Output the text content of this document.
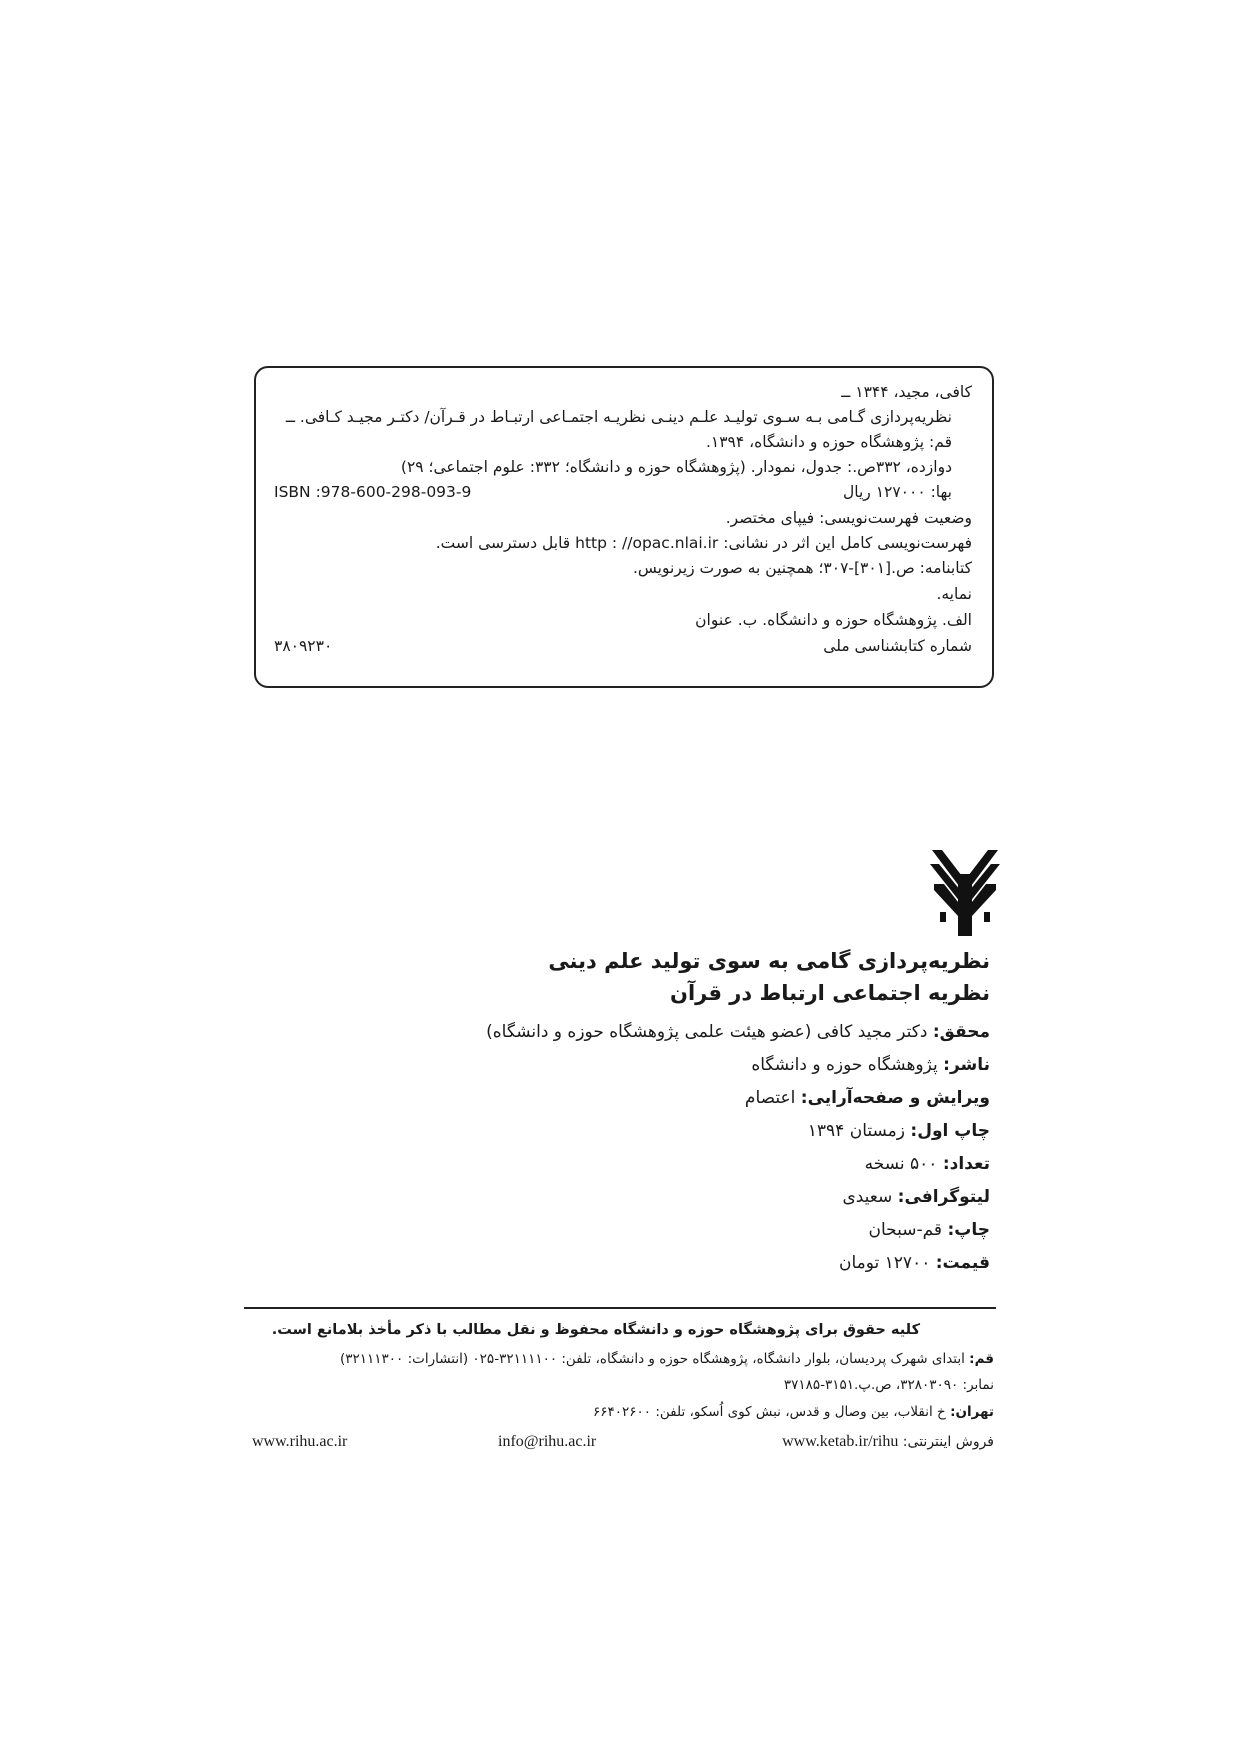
کافی، مجید، ۱۳۴۴ ــ
نظریه‌پردازی گـامی بـه سـوی تولیـد علـم دینـی نظریـه اجتمـاعی ارتبـاط در قـرآن/ دکتـر مجیـد کـافی. ــ
قم: پژوهشگاه حوزه و دانشگاه، ۱۳۹۴.
دوازده، ۳۳۲ص.: جدول، نمودار. (پژوهشگاه حوزه و دانشگاه؛ ۳۳۲: علوم اجتماعی؛ ۲۹)
بها: ۱۲۷۰۰۰ ریال
ISBN :978-600-298-093-9
وضعیت فهرست‌نویسی: فیپای مختصر.
فهرست‌نویسی کامل این اثر در نشانی: http : //opac.nlai.ir قابل دسترسی است.
کتابنامه: ص.[۳۰۱]-۳۰۷؛ همچنین به صورت زیرنویس.
نمایه.
الف. پژوهشگاه حوزه و دانشگاه. ب. عنوان
شماره کتابشناسی ملی
۳۸۰۹۲۳۰
نظریه‌پردازی گامی به سوی تولید علم دینی
نظریه اجتماعی ارتباط در قرآن
محقق: دکتر مجید کافی (عضو هیئت علمی پژوهشگاه حوزه و دانشگاه)
ناشر: پژوهشگاه حوزه و دانشگاه
ویرایش و صفحه‌آرایی: اعتصام
چاپ اول: زمستان ۱۳۹۴
تعداد: ۵۰۰ نسخه
لیتوگرافی: سعیدی
چاپ: قم-سبحان
قیمت: ۱۲۷۰۰ تومان
کلیه حقوق برای پژوهشگاه حوزه و دانشگاه محفوظ و نقل مطالب با ذکر مأخذ بلامانع است.
قم: ابتدای شهرک پردیسان، بلوار دانشگاه، پژوهشگاه حوزه و دانشگاه، تلفن: ۳۲۱۱۱۱۰۰-۰۲۵ (انتشارات: ۳۲۱۱۱۳۰۰)
نمابر: ۳۲۸۰۳۰۹۰، ص.پ.۳۱۵۱-۳۷۱۸۵
تهران: خ انقلاب، بین وصال و قدس، نبش کوی اُسکو، تلفن: ۶۶۴۰۲۶۰۰
فروش اینترنتی: www.ketab.ir/rihu
info@rihu.ac.ir
www.rihu.ac.ir
